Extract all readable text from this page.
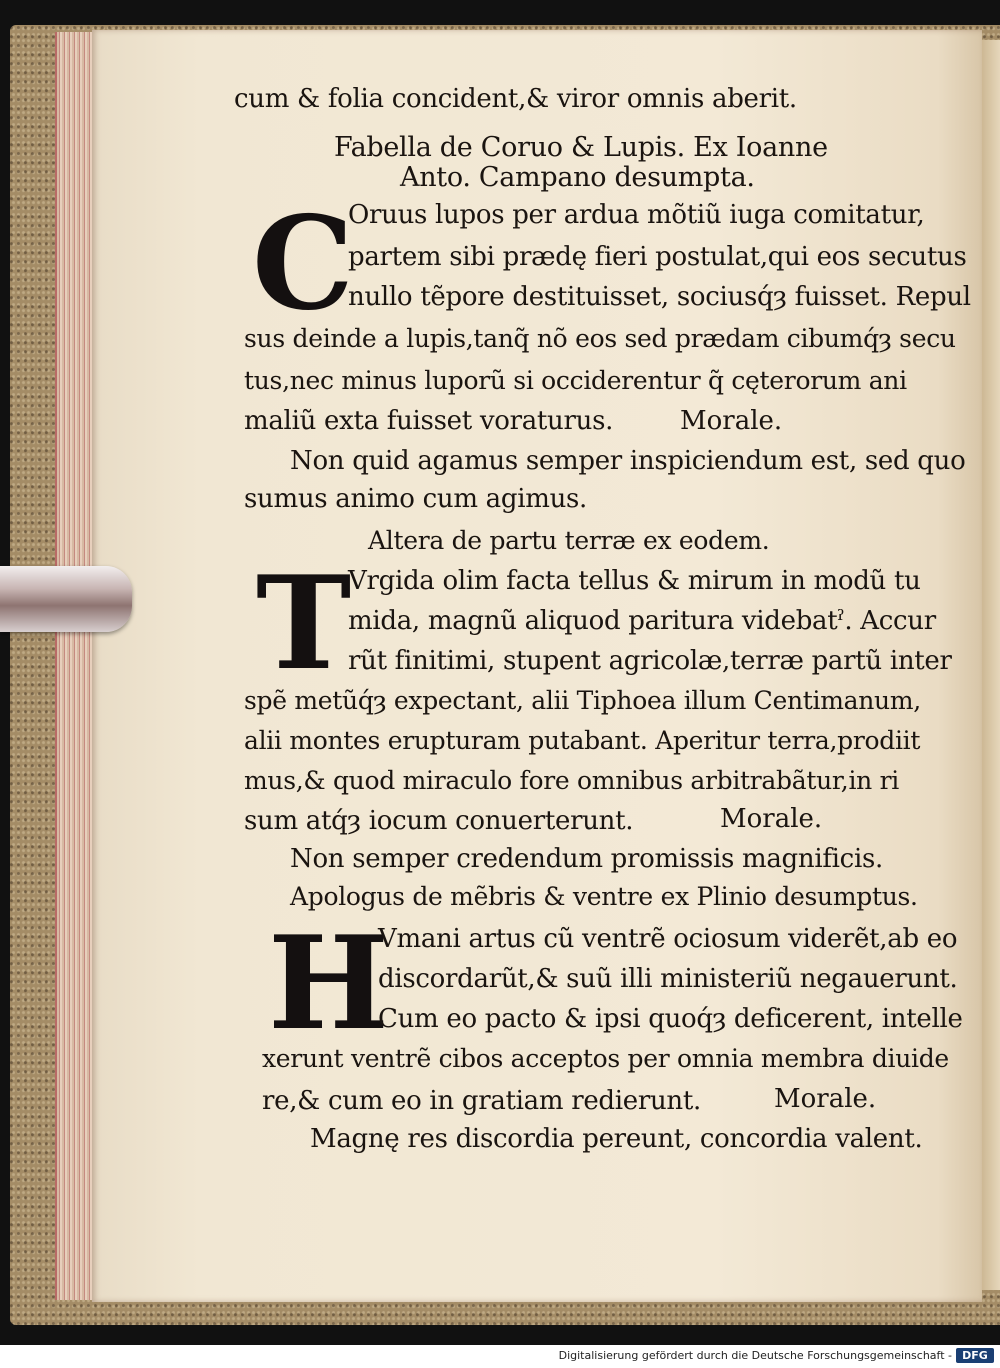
cum & folia concident,& viror omnis aberit.
Fabella de Coruo & Lupis. Ex Ioanne
Anto. Campano desumpta.
C
Oruus lupos per ardua mõtiũ iuga comitatur,
partem sibi prædę fieri postulat,qui eos secutus
nullo tẽpore destituisset, sociusq́ȝ fuisset. Repul
sus deinde a lupis,tanq̃ nõ eos sed prædam cibumq́ȝ secu
tus,nec minus luporũ si occiderentur q̃ cęterorum ani
maliũ exta fuisset voraturus.	Morale.
Non quid agamus semper inspiciendum est, sed quo
sumus animo cum agimus.
Altera de partu terræ ex eodem.
T
Vrgida olim facta tellus & mirum in modũ tu
mida, magnũ aliquod paritura videbatˀ. Accur
rũt finitimi, stupent agricolæ,terræ partũ inter
spẽ metũq́ȝ expectant, alii Tiphoea illum Centimanum,
alii montes erupturam putabant. Aperitur terra,prodiit
mus,& quod miraculo fore omnibus arbitrabãtur,in ri
sum atq́ȝ iocum conuerterunt.	Morale.
Non semper credendum promissis magnificis.
Apologus de mẽbris & ventre ex Plinio desumptus.
H
Vmani artus cũ ventrẽ ociosum viderẽt,ab eo
discordarũt,& suũ illi ministeriũ negauerunt.
Cum eo pacto & ipsi quoq́ȝ deficerent, intelle
xerunt ventrẽ cibos acceptos per omnia membra diuide
re,& cum eo in gratiam redierunt.	Morale.
Magnę res discordia pereunt, concordia valent.
Digitalisierung gefördert durch die Deutsche Forschungsgemeinschaft - DFG
